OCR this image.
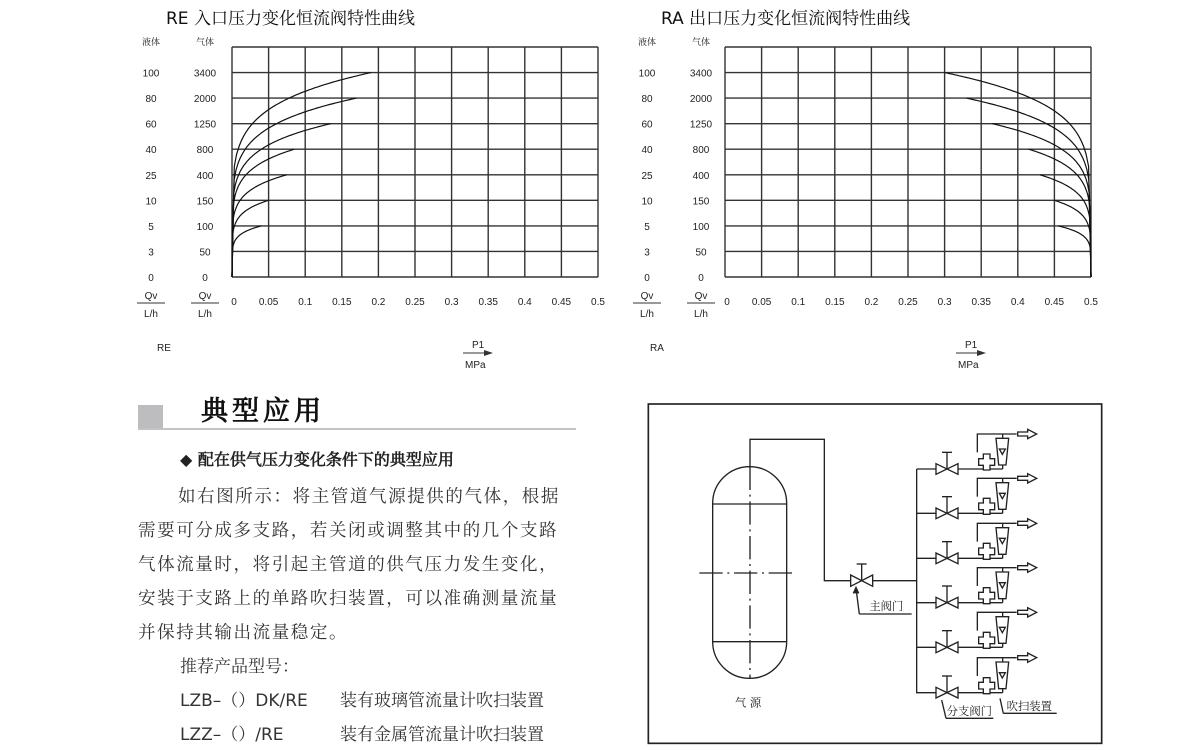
RE 入口压力变化恒流阀特性曲线
液体	气体
0
3
5
10
25
40
60
80
100
0
50
100
150
400
800
1250
2000
3400
Qv
L/h
Qv
L/h
0 0.05 0.1 0.15 0.2 0.25 0.3 0.35 0.4 0.45 0.5
RE	P1
MPa
RA 出口压力变化恒流阀特性曲线
液体	气体
0
3
5
10
25
40
60
80
100
0
50
100
150
400
800
1250
2000
3400
Qv
L/h
Qv
L/h
0 0.05 0.1 0.15 0.2 0.25 0.3 0.35 0.4 0.45 0.5
RA	P1
MPa
典型应用
◆ 配在供气压力变化条件下的典型应用
如右图所示：将主管道气源提供的气体，根据
需要可分成多支路，若关闭或调整其中的几个支路
气体流量时，将引起主管道的供气压力发生变化，
安装于支路上的单路吹扫装置，可以准确测量流量
并保持其输出流量稳定。
推荐产品型号：
LZB–（）DK/RE 装有玻璃管流量计吹扫装置
LZZ–（）/RE	装有金属管流量计吹扫装置
气 源
主阀门
分支阀门 吹扫装置
